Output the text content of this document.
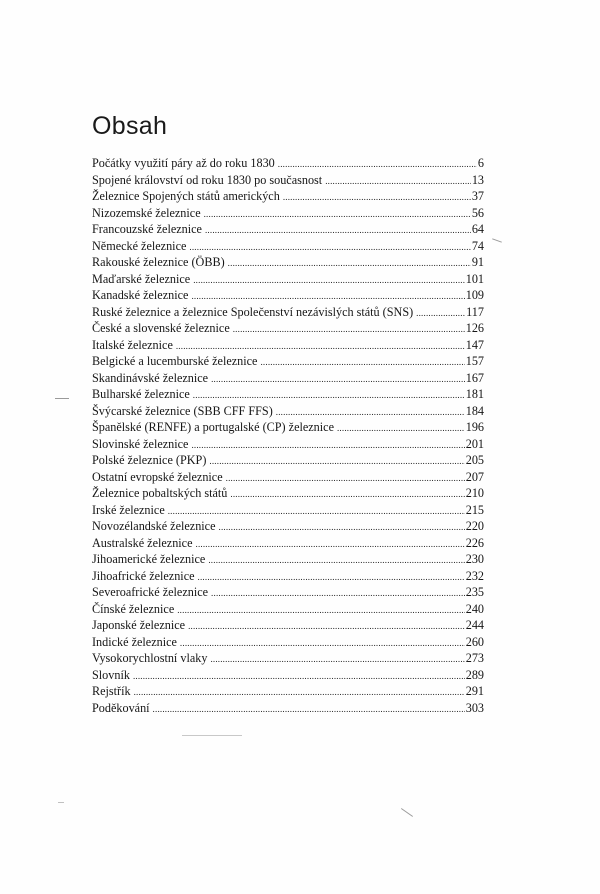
Obsah
Počátky využití páry až do roku 1830 .....	6
Spojené království od roku 1830 po současnost .....	13
Železnice Spojených států amerických .....	37
Nizozemské železnice .....	56
Francouzské železnice .....	64
Německé železnice .....	74
Rakouské železnice (ÖBB) .....	91
Maďarské železnice .....	101
Kanadské železnice .....	109
Ruské železnice a železnice Společenství nezávislých států (SNS) .....	117
České a slovenské železnice .....	126
Italské železnice .....	147
Belgické a lucemburské železnice .....	157
Skandinávské železnice .....	167
Bulharské železnice .....	181
Švýcarské železnice (SBB CFF FFS) .....	184
Španělské (RENFE) a portugalské (CP) železnice .....	196
Slovinské železnice .....	201
Polské železnice (PKP) .....	205
Ostatní evropské železnice .....	207
Železnice pobaltských států .....	210
Irské železnice .....	215
Novozélandské železnice .....	220
Australské železnice .....	226
Jihoamerické železnice .....	230
Jihoafrické železnice .....	232
Severoafrické železnice .....	235
Čínské železnice .....	240
Japonské železnice .....	244
Indické železnice .....	260
Vysokorychlostní vlaky .....	273
Slovník .....	289
Rejstřík .....	291
Poděkování .....	303
